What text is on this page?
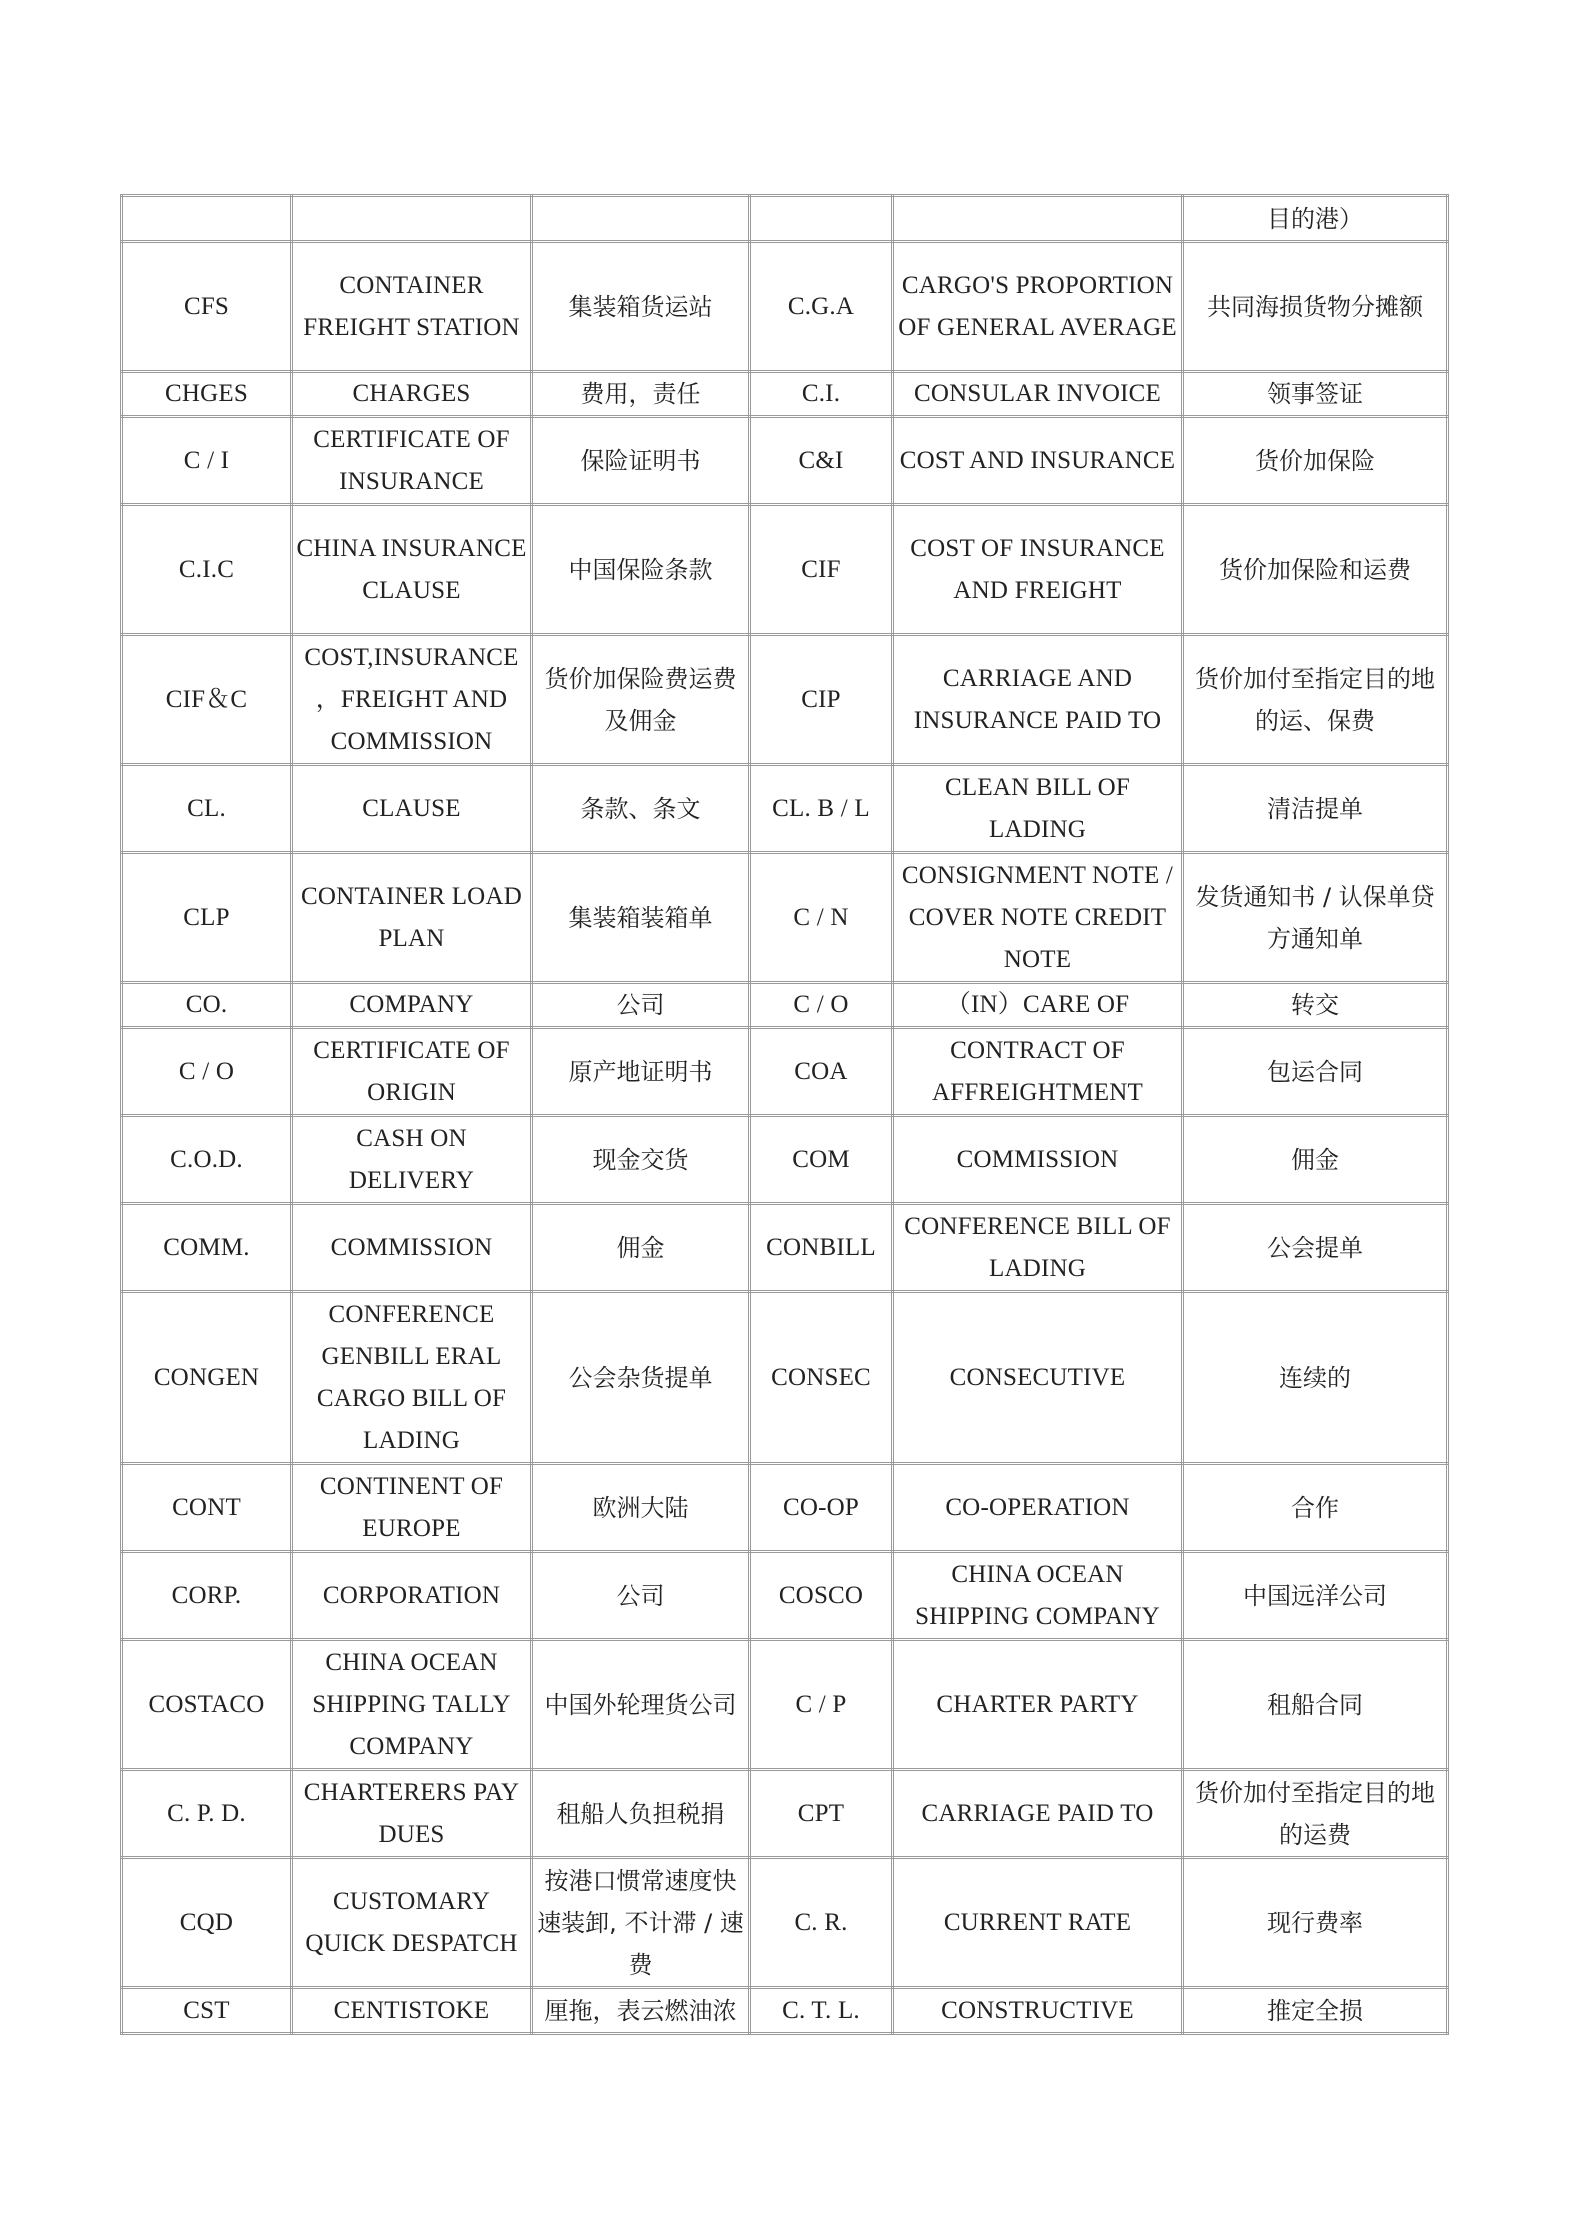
					目的港）
CFS	CONTAINER FREIGHT STATION	集装箱货运站	C.G.A	CARGO'S PROPORTION OF GENERAL AVERAGE	共同海损货物分摊额
CHGES	CHARGES	费用，责任	C.I.	CONSULAR INVOICE	领事签证
C / I	CERTIFICATE OF INSURANCE	保险证明书	C&I	COST AND INSURANCE	货价加保险
C.I.C	CHINA INSURANCE CLAUSE	中国保险条款	CIF	COST OF INSURANCE AND FREIGHT	货价加保险和运费
CIF＆C	COST,INSURANCE ，FREIGHT AND COMMISSION	货价加保险费运费及佣金	CIP	CARRIAGE AND INSURANCE PAID TO	货价加付至指定目的地的运、保费
CL.	CLAUSE	条款、条文	CL. B / L	CLEAN BILL OF LADING	清洁提单
CLP	CONTAINER LOAD PLAN	集装箱装箱单	C / N	CONSIGNMENT NOTE / COVER NOTE CREDIT NOTE	发货通知书 / 认保单贷方通知单
CO.	COMPANY	公司	C / O	（IN）CARE OF	转交
C / O	CERTIFICATE OF ORIGIN	原产地证明书	COA	CONTRACT OF AFFREIGHTMENT	包运合同
C.O.D.	CASH ON DELIVERY	现金交货	COM	COMMISSION	佣金
COMM.	COMMISSION	佣金	CONBILL	CONFERENCE BILL OF LADING	公会提单
CONGEN	CONFERENCE GENBILL ERAL CARGO BILL OF LADING	公会杂货提单	CONSEC	CONSECUTIVE	连续的
CONT	CONTINENT OF EUROPE	欧洲大陆	CO-OP	CO-OPERATION	合作
CORP.	CORPORATION	公司	COSCO	CHINA OCEAN SHIPPING COMPANY	中国远洋公司
COSTACO	CHINA OCEAN SHIPPING TALLY COMPANY	中国外轮理货公司	C / P	CHARTER PARTY	租船合同
C. P. D.	CHARTERERS PAY DUES	租船人负担税捐	CPT	CARRIAGE PAID TO	货价加付至指定目的地的运费
CQD	CUSTOMARY QUICK DESPATCH	按港口惯常速度快速装卸, 不计滞 / 速费	C. R.	CURRENT RATE	现行费率
CST	CENTISTOKE	厘拖，表云燃油浓	C. T. L.	CONSTRUCTIVE	推定全损
